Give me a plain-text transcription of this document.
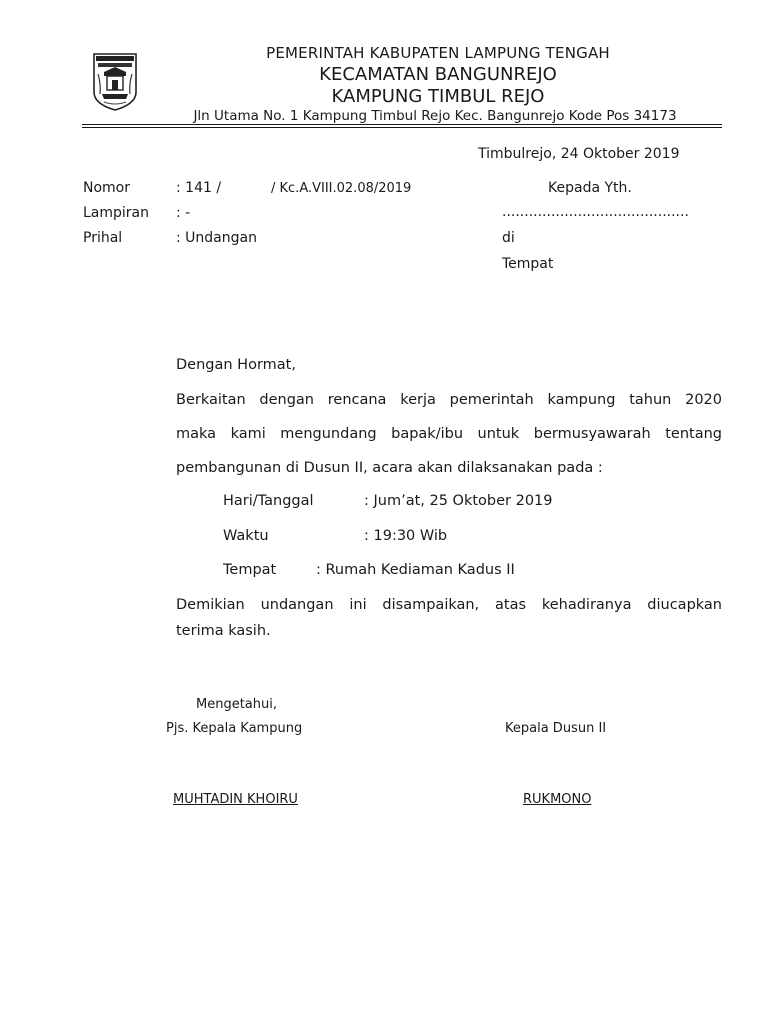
PEMERINTAH KABUPATEN LAMPUNG TENGAH
KECAMATAN BANGUNREJO
KAMPUNG TIMBUL REJO
Jln Utama No. 1 Kampung Timbul Rejo Kec. Bangunrejo Kode Pos 34173
Timbulrejo, 24 Oktober 2019
Nomor	: 141 /	/ Kc.A.VIII.02.08/2019
Lampiran : -
Prihal	: Undangan
Kepada Yth.
..........................................
di
Tempat
Dengan Hormat,
Berkaitan dengan rencana kerja pemerintah kampung tahun 2020
maka kami mengundang bapak/ibu untuk bermusyawarah tentang
pembangunan di Dusun II, acara akan dilaksanakan pada :
Hari/Tanggal	: Jum’at, 25 Oktober 2019
Waktu	: 19:30 Wib
Tempat	: Rumah Kediaman Kadus II
Demikian undangan ini disampaikan, atas kehadiranya diucapkan
terima kasih.
Mengetahui,
Pjs. Kepala Kampung	Kepala Dusun II
MUHTADIN KHOIRU	RUKMONO
